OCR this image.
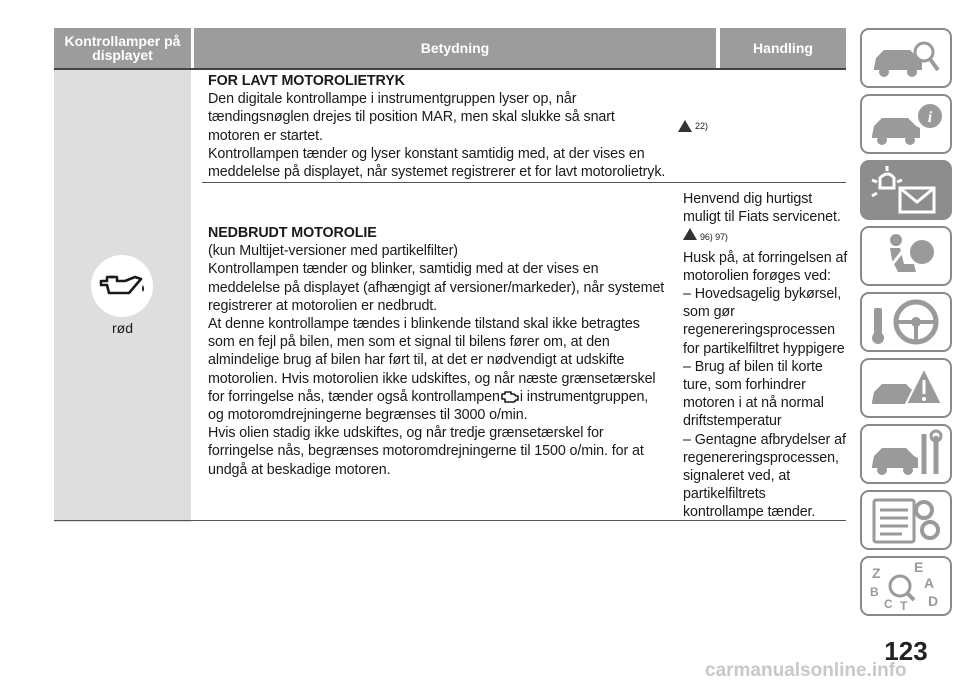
Kontrollamper på displayet	Betydning	Handling
rød
FOR LAVT MOTOROLIETRYK
Den digitale kontrollampe i instrumentgruppen lyser op, når
tændingsnøglen drejes til position MAR, men skal slukke så snart
motoren er startet.
Kontrollampen tænder og lyser konstant samtidig med, at der vises en
meddelelse på displayet, når systemet registrerer et for lavt motorolietryk.
22)
NEDBRUDT MOTOROLIE
(kun Multijet-versioner med partikelfilter)
Kontrollampen tænder og blinker, samtidig med at der vises en
meddelelse på displayet (afhængigt af versioner/markeder), når systemet
registrerer at motorolien er nedbrudt.
At denne kontrollampe tændes i blinkende tilstand skal ikke betragtes
som en fejl på bilen, men som et signal til bilens fører om, at den
almindelige brug af bilen har ført til, at det er nødvendigt at udskifte
motorolien. Hvis motorolien ikke udskiftes, og når næste grænsetærskel
for forringelse nås, tænder også kontrollampen i instrumentgruppen,
og motoromdrejningerne begrænses til 3000 o/min.
Hvis olien stadig ikke udskiftes, og når tredje grænsetærskel for
forringelse nås, begrænses motoromdrejningerne til 1500 o/min. for at
undgå at beskadige motoren.
Henvend dig hurtigst
muligt til Fiats servicenet.
96) 97)
Husk på, at forringelsen af
motorolien forøges ved:
– Hovedsagelig bykørsel,
som gør
regenereringsprocessen
for partikelfiltret hyppigere
– Brug af bilen til korte
ture, som forhindrer
motoren i at nå normal
driftstemperatur
– Gentagne afbrydelser af
regenereringsprocessen,
signaleret ved, at
partikelfiltrets
kontrollampe tænder.
i
Z E
A
B
C T D
123
carmanualsonline.info
